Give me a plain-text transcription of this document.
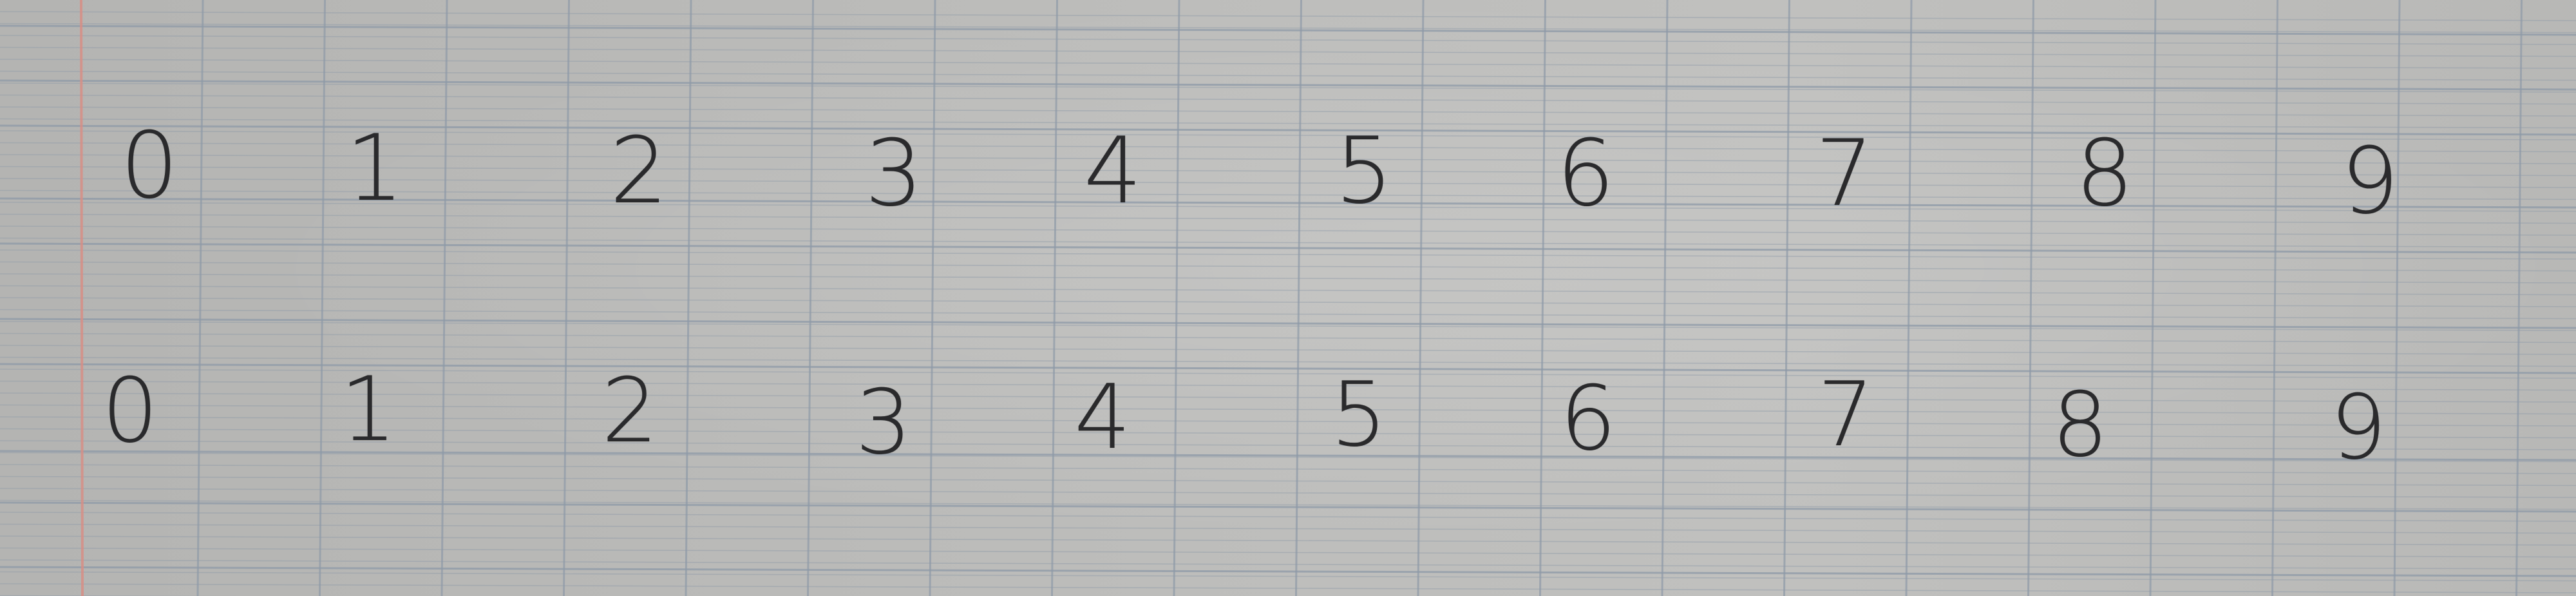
0 1 2 3 4 5 6 7 8 9
0 1 2 3 4 5 6 7 8 9
